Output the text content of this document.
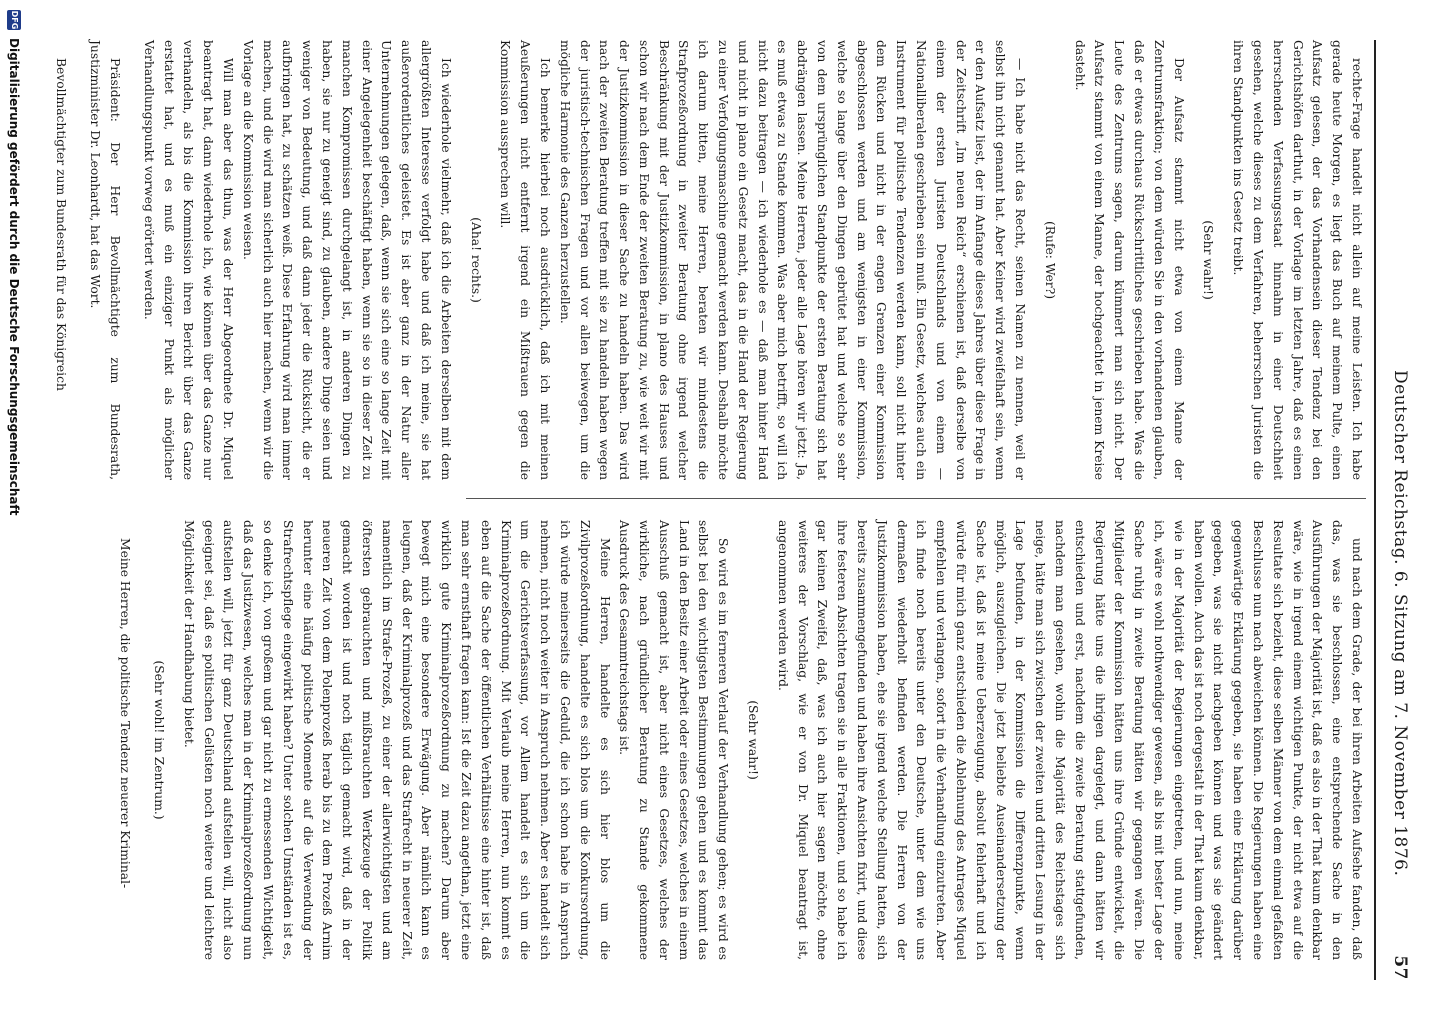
Deutscher Reichstag. 6. Sitzung am 7. November 1876.
57

rechte-Frage handelt nicht allein auf meine Leisten. Ich habe gerade heute Morgen, es liegt das Buch auf meinem Pulte, einen Aufsatz gelesen, der das Vorhandensein dieser Tendenz bei den Gerichtshöfen darthut, in der Vorlage im letzten Jahre, daß es einen herrschenden Verfassungsstaat hinnahm in einer Deutschheit gesehen, welche dieses zu dem Verfahren, beherrschen Juristen die ihren Standpunkten ins Gesetz treibt.

(Sehr wahr!)

Der Aufsatz stammt nicht etwa von einem Manne der Zentrumsfraktion; von dem würden Sie in den vorhandenen glauben, daß er etwas durchaus Rückschrittliches geschrieben habe. Was die Leute des Zentrums sagen, darum kümmert man sich nicht. Der Aufsatz stammt von einem Manne, der hochgeachtet in jenem Kreise dasteht.

(Rufe: Wer?)

— Ich habe nicht das Recht, seinen Namen zu nennen, weil er selbst ihn nicht genannt hat. Aber Keiner wird zweifelhaft sein, wenn er den Aufsatz liest, der im Anfange dieses Jahres über diese Frage in der Zeitschrift „Im neuen Reich“ erschienen ist, daß derselbe von einem der ersten Juristen Deutschlands und von einem — Nationalliberalen geschrieben sein muß. Ein Gesetz, welches auch ein Instrument für politische Tendenzen werden kann, soll nicht hinter dem Rücken und nicht in der engen Grenzen einer Kommission abgeschlossen werden und am wenigsten in einer Kommission, welche so lange über den Dingen gebrütet hat und welche so sehr von dem ursprünglichen Standpunkte der ersten Beratung sich hat abdrängen lassen. Meine Herren, jeder alle Lage hören wir jetzt: Ja, es muß etwas zu Stande kommen. Was aber mich betrifft, so will ich nicht dazu beitragen — ich wiederhole es — daß man hinter Hand und nicht in plano ein Gesetz macht, das in die Hand der Regierung zu einer Verfolgungsmaschine gemacht werden kann. Deshalb möchte ich darum bitten, meine Herren, beraten wir mindestens die Strafprozeßordnung in zweiter Beratung ohne irgend welcher Beschränkung mit der Justizkommission, in plano des Hauses und schon wir nach dem Ende der zweiten Beratung zu, wie weit wir mit der Justizkommission in dieser Sache zu handeln haben. Das wird nach der zweiten Beratung treffen mit sie zu handeln haben wegen der juristisch-technischen Fragen und vor allen beiwegen, um die mögliche Harmonie des Ganzen herzustellen.

Ich bemerke hierbei noch ausdrücklich, daß ich mit meinen Aeußerungen nicht entfernt irgend ein Mißtrauen gegen die Kommission aussprechen will.

(Aha! rechts.)

Ich wiederhole vielmehr, daß ich die Arbeiten derselben mit dem allergrößten Interesse verfolgt habe und daß ich meine, sie hat außerordentliches geleistet. Es ist aber ganz in der Natur aller Unternehmungen gelegen, daß, wenn sie sich eine so lange Zeit mit einer Angelegenheit beschäftigt haben, wenn sie so in dieser Zeit zu manchen Kompromissen durchgelangt ist, in anderen Dingen zu haben, sie nur zu geneigt sind, zu glauben, andere Dinge seien und weniger von Bedeutung, und daß dann jeder die Rücksicht, die er aufbringen hat, zu schätzen weiß. Diese Erfahrung wird man immer machen, und die wird man sicherlich auch hier machen, wenn wir die Vorlage an die Kommission weisen.

Will man aber das thun, was der Herr Abgeordnete Dr. Miquel beantragt hat, dann wiederhole ich, wie können über das Ganze nur verhandeln, als bis die Kommission ihren Bericht über das Ganze erstattet hat, und es muß ein einziger Punkt als möglicher Verhandlungspunkt vorweg erörtert werden.

Präsident: Der Herr Bevollmächtigte zum Bundesrath, Justizminister Dr. Leonhardt, hat das Wort.

Bevollmächtigter zum Bundesrath für das Königreich

und nach dem Grade, der bei ihren Arbeiten Aufsehe fanden, daß das, was sie beschlossen, eine entsprechende Sache in den Ausführungen der Majorität ist, daß es also in der That kaum denkbar wäre, wie in irgend einem wichtigen Punkte, der nicht etwa auf die Resultate sich bezieht, diese selben Männer von dem einmal gefaßten Beschlusse nun nach abweichen können. Die Regierungen haben eine gegenwärtige Erklärung gegeben, sie haben eine Erklärung darüber gegeben, was sie nicht nachgeben können und was sie geändert haben wollen. Auch das ist noch dergestalt in der That kaum denkbar, wie in der Majorität der Regierungen eingetreten, und nun, meine ich, wäre es wohl nothwendiger gewesen, als bis mit bester Lage der Sache ruhig in zweite Beratung hätten wir gegangen wären. Die Mitglieder der Kommission hätten uns ihre Gründe entwickelt, die Regierung hätte uns die ihrigen dargelegt, und dann hätten wir entschieden und erst, nachdem die zweite Beratung stattgefunden, nachdem man gesehen, wohin die Majorität des Reichstages sich neige, hätte man sich zwischen der zweiten und dritten Lesung in der Lage befunden, in der Kommission die Differenzpunkte, wenn möglich, auszugleichen. Die jetzt beliebte Auseinandersetzung der Sache ist, daß ist meine Ueberzeugung, absolut fehlerhaft und ich würde für mich ganz entschieden die Ablehnung des Antrages Miquel empfehlen und verlangen, sofort in die Verhandlung einzutreten. Aber ich finde noch bereits unter den Deutsche, unter dem wie uns dermaßen wiederholt befinden werden. Die Herren von der Justizkommission haben, ehe sie irgend welche Stellung hatten, sich bereits zusammengefunden und haben ihre Ansichten fixirt, und diese ihre festeren Absichten tragen sie in alle Fraktionen, und so habe ich gar keinen Zweifel, daß, was ich auch hier sagen möchte, ohne weiteres der Vorschlag, wie er von Dr. Miquel beantragt ist, angenommen werden wird.

(Sehr wahr!)

So wird es im ferneren Verlauf der Verhandlung gehen; es wird es selbst bei den wichtigsten Bestimmungen gehen und es kommt das Land in den Besitz einer Arbeit oder eines Gesetzes, welches in einem Ausschuß gemacht ist, aber nicht eines Gesetzes, welches der wirkliche, nach gründlicher Beratung zu Stande gekommene Ausdruck des Gesammtreichstags ist.

Meine Herren, handelte es sich hier blos um die Zivilprozeßordnung, handelte es sich blos um die Konkursordnung, ich würde meinerseits die Geduld, die ich schon habe in Anspruch nehmen, nicht noch weiter in Anspruch nehmen. Aber es handelt sich um die Gerichtsverfassung, vor Allem handelt es sich um die Kriminalprozeßordnung. Mit Verlaub meine Herren, nun kommt es eben auf die Sache der öffentlichen Verhältnisse eine hinter ist, daß man sehr ernsthaft fragen kann: Ist die Zeit dazu angethan, jetzt eine wirklich gute Kriminalprozeßordnung zu machen? Darum aber bewegt mich eine besondere Erwägung. Aber nämlich kann es leugnen, daß der Kriminalprozeß und das Strafrecht in neuerer Zeit, namentlich im Strafe-Prozeß, zu einer der allerwichtigsten und am öftersten gebrauchten und mißbrauchten Werkzeuge der Politik gemacht worden ist und noch täglich gemacht wird, daß in der neueren Zeit von dem Polenprozeß herab bis zu dem Prozeß Arnim herunter eine häufig politische Momente auf die Verwendung der Strafrechtspflege eingewirkt haben? Unter solchen Umständen ist es, so denke ich, von großem und gar nicht zu ermessenden Wichtigkeit, daß das Justizwesen, welches man in der Kriminalprozeßordnung nun aufstellen will, jetzt für ganz Deutschland aufstellen will, nicht also geeignet sei, daß es politischen Gelüsten noch weitere und leichtere Möglichkeit der Handhabung bietet.

(Sehr wohl! im Zentrum.)

Meine Herren, die politische Tendenz neuerer Kriminal-

DFG
Digitalisierung gefördert durch die Deutsche Forschungsgemeinschaft
